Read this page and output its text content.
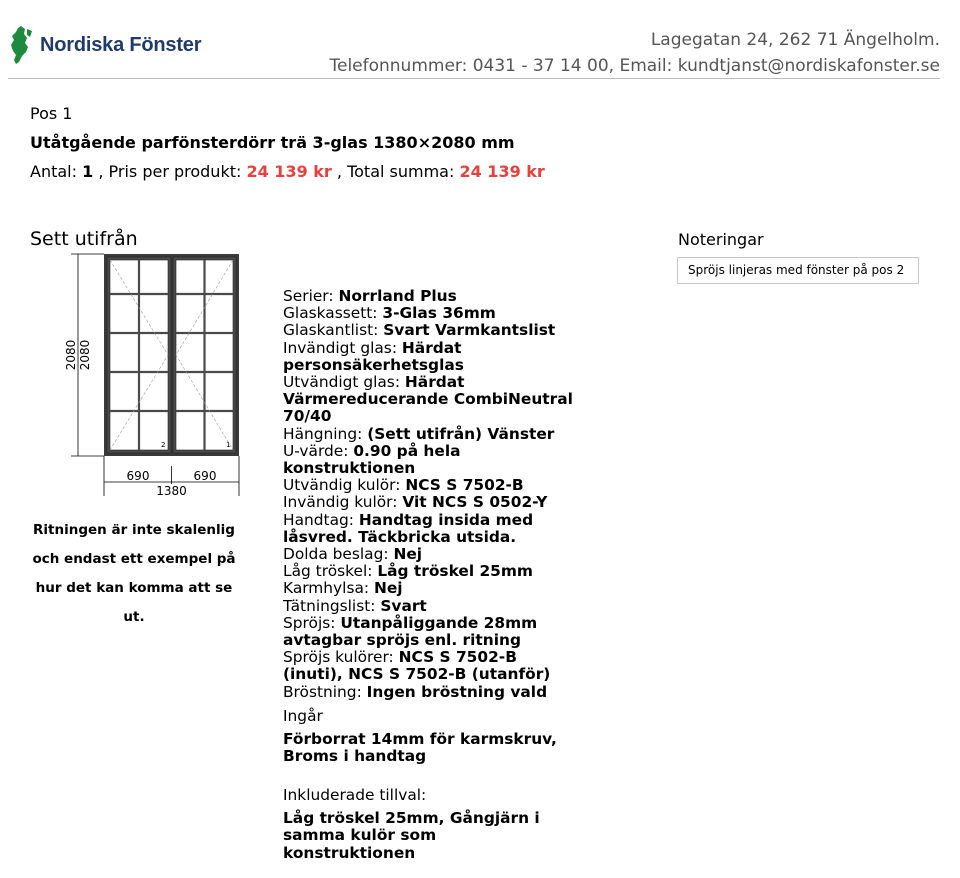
Nordiska Fönster	Lagegatan 24, 262 71 Ängelholm.
Telefonnummer: 0431 - 37 14 00, Email: kundtjanst@nordiskafonster.se
Pos 1
Utåtgående parfönsterdörr trä 3-glas 1380×2080 mm
Antal: 1 , Pris per produkt: 24 139 kr , Total summa: 24 139 kr
Sett utifrån
2080 2080
2	1
690	690
1380
Ritningen är inte skalenlig och endast ett exempel på hur det kan komma att se ut.
Serier: Norrland Plus
Glaskassett: 3-Glas 36mm
Glaskantlist: Svart Varmkantslist
Invändigt glas: Härdat personsäkerhetsglas
Utvändigt glas: Härdat Värmereducerande CombiNeutral 70/40
Hängning: (Sett utifrån) Vänster
U-värde: 0.90 på hela konstruktionen
Utvändig kulör: NCS S 7502-B
Invändig kulör: Vit NCS S 0502-Y
Handtag: Handtag insida med låsvred. Täckbricka utsida.
Dolda beslag: Nej
Låg tröskel: Låg tröskel 25mm
Karmhylsa: Nej
Tätningslist: Svart
Spröjs: Utanpåliggande 28mm avtagbar spröjs enl. ritning
Spröjs kulörer: NCS S 7502-B (inuti), NCS S 7502-B (utanför)
Bröstning: Ingen bröstning vald
Ingår
Förborrat 14mm för karmskruv, Broms i handtag
Inkluderade tillval:
Låg tröskel 25mm, Gångjärn i samma kulör som konstruktionen
Noteringar
Spröjs linjeras med fönster på pos 2
